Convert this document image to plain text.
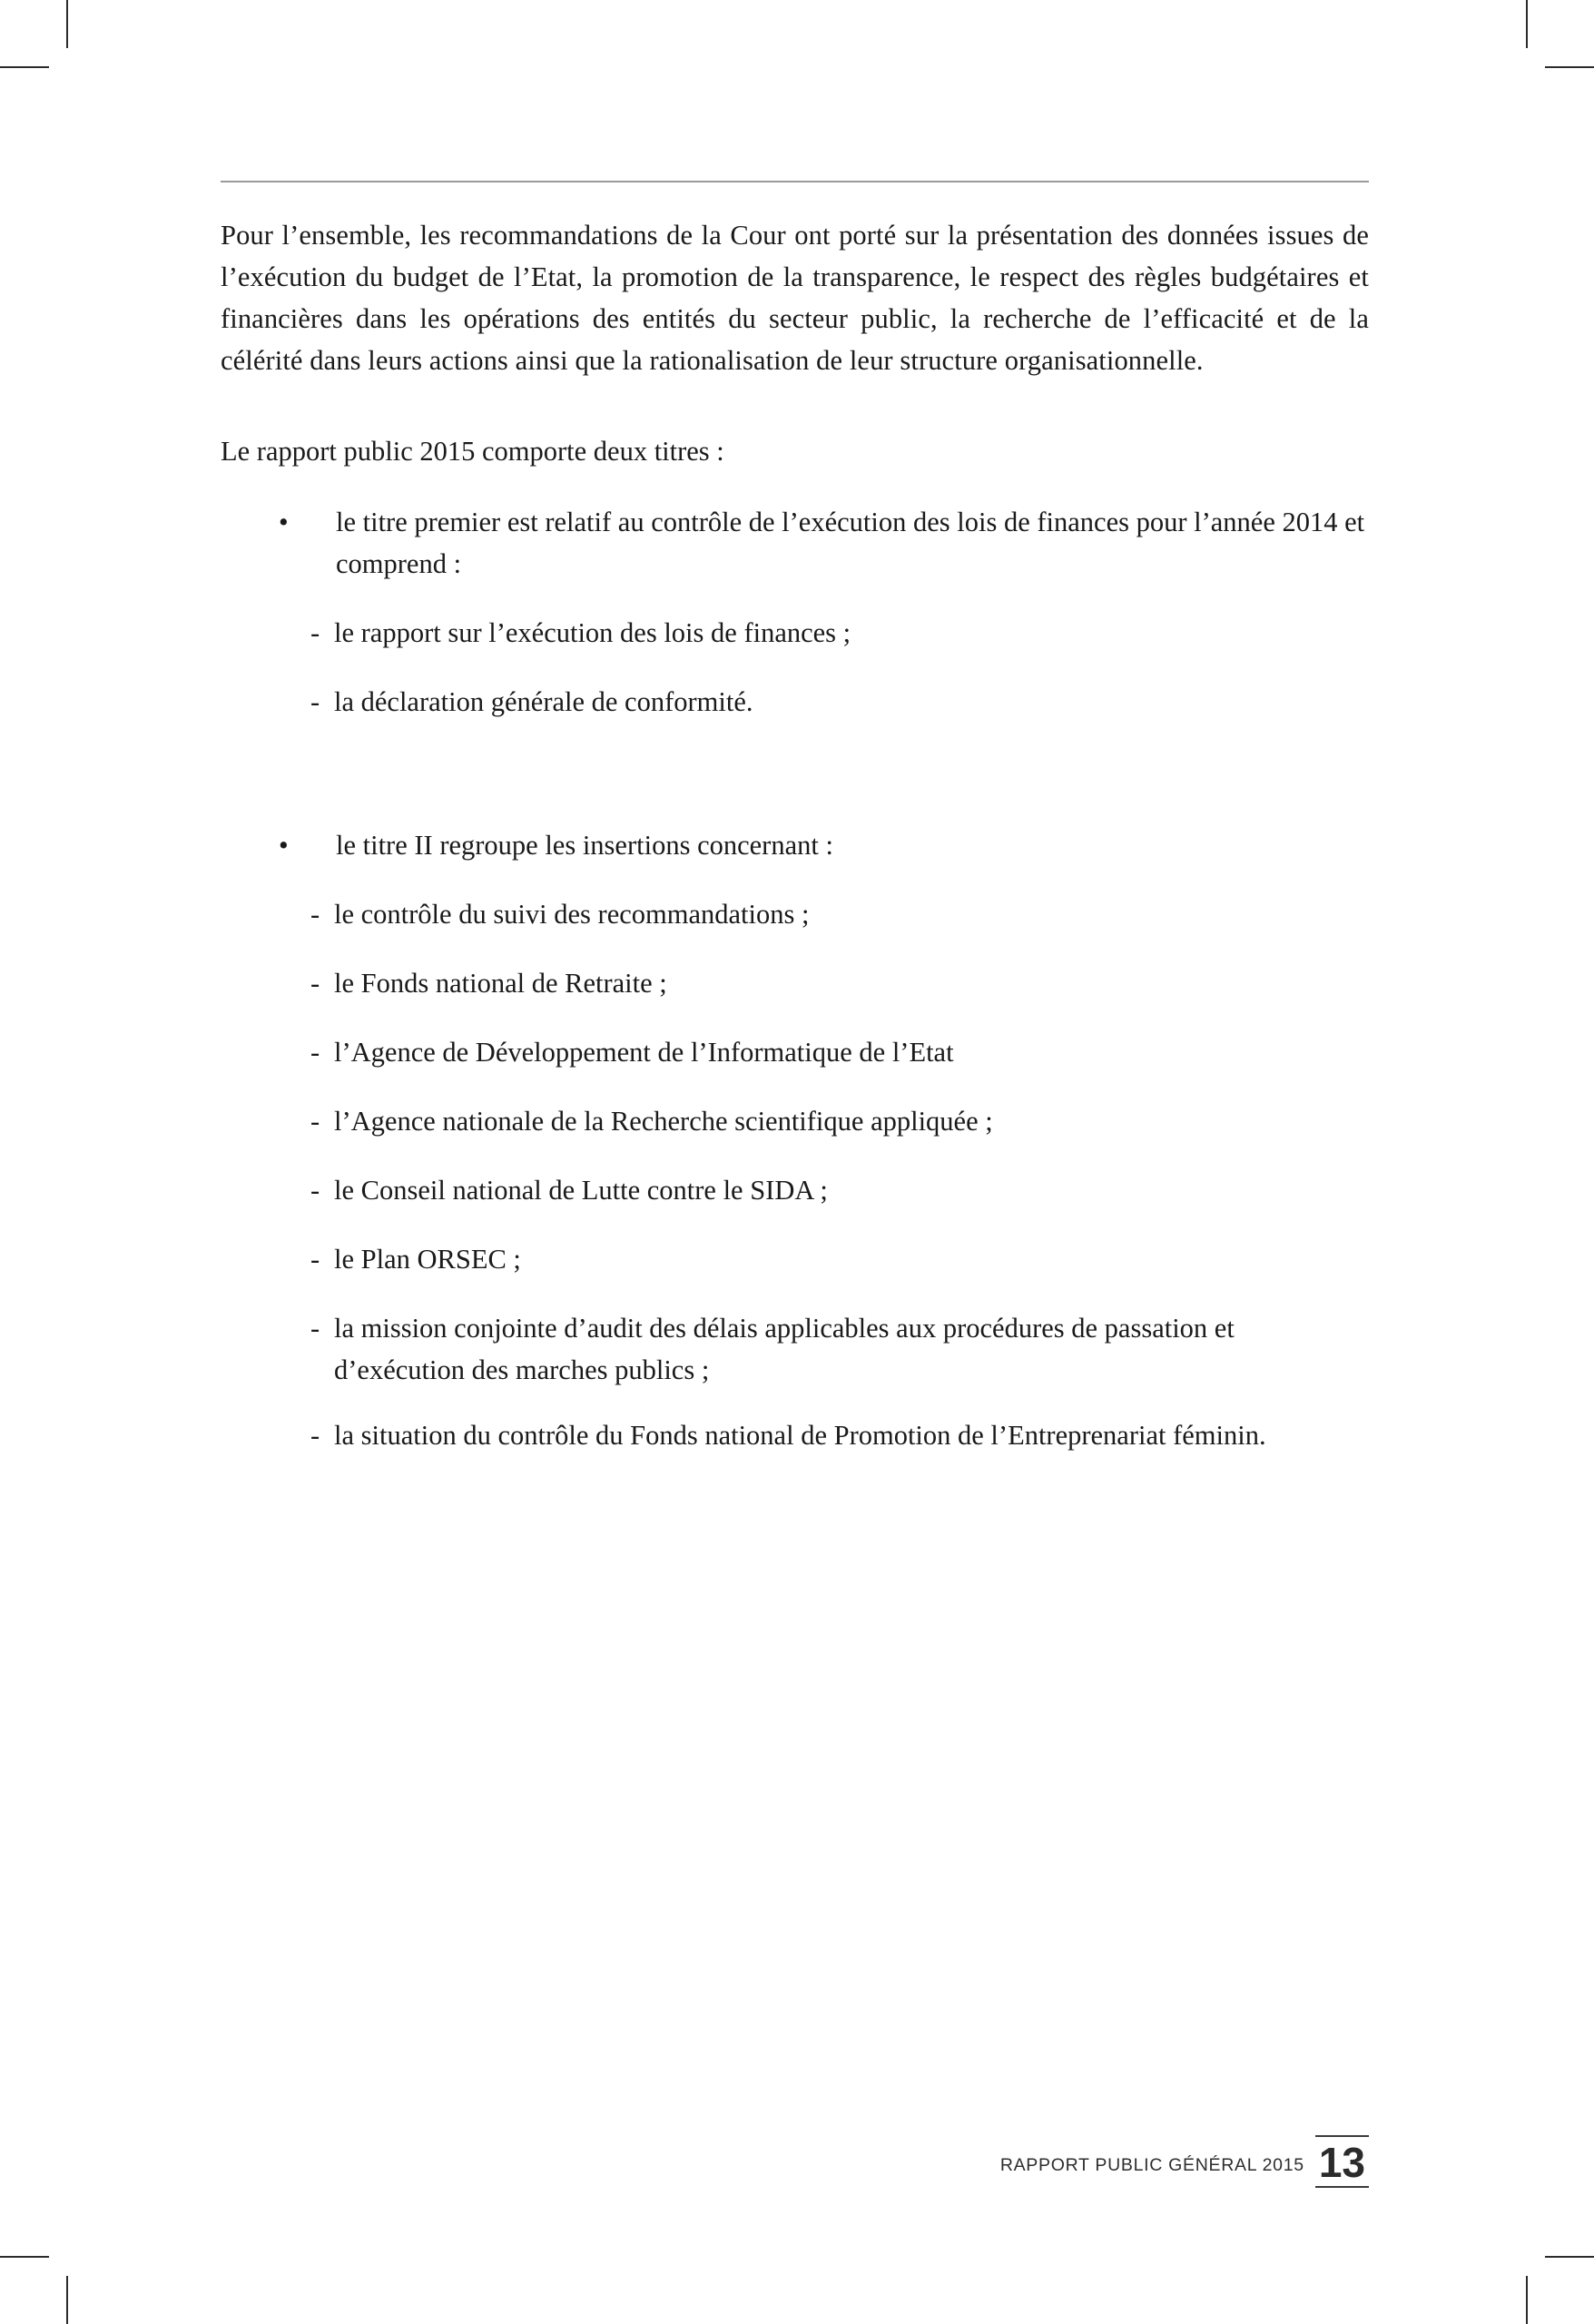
Pour l’ensemble, les recommandations de la Cour ont porté sur la présentation des données issues de l’exécution du budget de l’Etat, la promotion de la transparence, le respect des règles budgétaires et financières dans les opérations des entités du secteur public, la recherche de l’efficacité et de la célérité dans leurs actions ainsi que la rationalisation de leur structure organisationnelle.

Le rapport public 2015 comporte deux titres :

• le titre premier est relatif au contrôle de l’exécution des lois de finances pour l’année 2014 et comprend :
- le rapport sur l’exécution des lois de finances ;
- la déclaration générale de conformité.
• le titre II regroupe les insertions concernant :
- le contrôle du suivi des recommandations ;
- le Fonds national de Retraite ;
- l’Agence de Développement de l’Informatique de l’Etat
- l’Agence nationale de la Recherche scientifique appliquée ;
- le Conseil national de Lutte contre le SIDA ;
- le Plan ORSEC ;
- la mission conjointe d’audit des délais applicables aux procédures de passation et d’exécution des marches publics ;
- la situation du contrôle du Fonds national de Promotion de l’Entreprenariat féminin.
RAPPORT PUBLIC GÉNÉRAL 2015 13
